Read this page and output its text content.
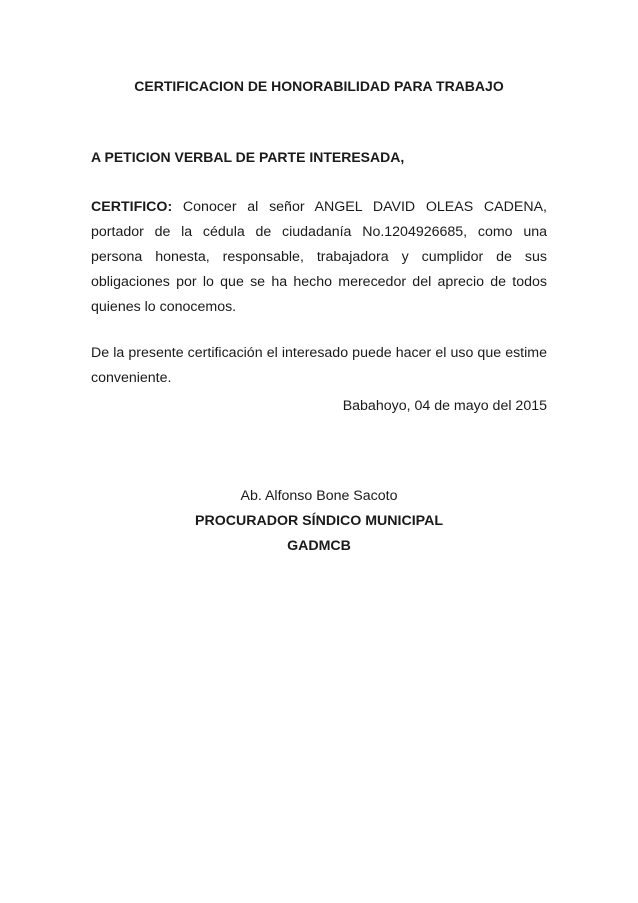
CERTIFICACION DE HONORABILIDAD PARA TRABAJO
A PETICION VERBAL DE PARTE INTERESADA,
CERTIFICO: Conocer al señor ANGEL DAVID OLEAS CADENA, portador de la cédula de ciudadanía No.1204926685, como una persona honesta, responsable, trabajadora y cumplidor de sus obligaciones por lo que se ha hecho merecedor del aprecio de todos quienes lo conocemos.
De la presente certificación el interesado puede hacer el uso que estime conveniente.
Babahoyo, 04 de mayo del 2015
Ab. Alfonso Bone Sacoto
PROCURADOR SÍNDICO MUNICIPAL
GADMCB
